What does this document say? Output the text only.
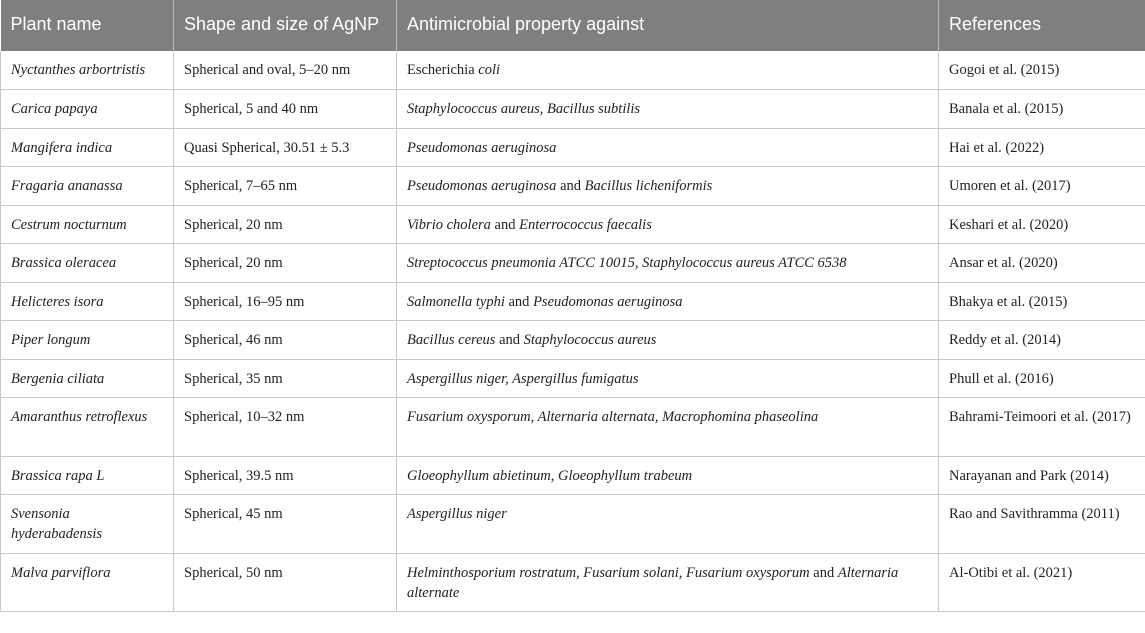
Plant name	Shape and size of AgNP	Antimicrobial property against	References
Nyctanthes arbortristis	Spherical and oval, 5–20 nm	Escherichia coli	Gogoi et al. (2015)
Carica papaya	Spherical, 5 and 40 nm	Staphylococcus aureus, Bacillus subtilis	Banala et al. (2015)
Mangifera indica	Quasi Spherical, 30.51 ± 5.3	Pseudomonas aeruginosa	Hai et al. (2022)
Fragaria ananassa	Spherical, 7–65 nm	Pseudomonas aeruginosa and Bacillus licheniformis	Umoren et al. (2017)
Cestrum nocturnum	Spherical, 20 nm	Vibrio cholera and Enterrococcus faecalis	Keshari et al. (2020)
Brassica oleracea	Spherical, 20 nm	Streptococcus pneumonia ATCC 10015, Staphylococcus aureus ATCC 6538	Ansar et al. (2020)
Helicteres isora	Spherical, 16–95 nm	Salmonella typhi and Pseudomonas aeruginosa	Bhakya et al. (2015)
Piper longum	Spherical, 46 nm	Bacillus cereus and Staphylococcus aureus	Reddy et al. (2014)
Bergenia ciliata	Spherical, 35 nm	Aspergillus niger, Aspergillus fumigatus	Phull et al. (2016)
Amaranthus retroflexus	Spherical, 10–32 nm	Fusarium oxysporum, Alternaria alternata, Macrophomina phaseolina	Bahrami-Teimoori et al. (2017)
Brassica rapa L	Spherical, 39.5 nm	Gloeophyllum abietinum, Gloeophyllum trabeum	Narayanan and Park (2014)
Svensonia hyderabadensis	Spherical, 45 nm	Aspergillus niger	Rao and Savithramma (2011)
Malva parviflora	Spherical, 50 nm	Helminthosporium rostratum, Fusarium solani, Fusarium oxysporum and Alternaria alternate	Al-Otibi et al. (2021)
